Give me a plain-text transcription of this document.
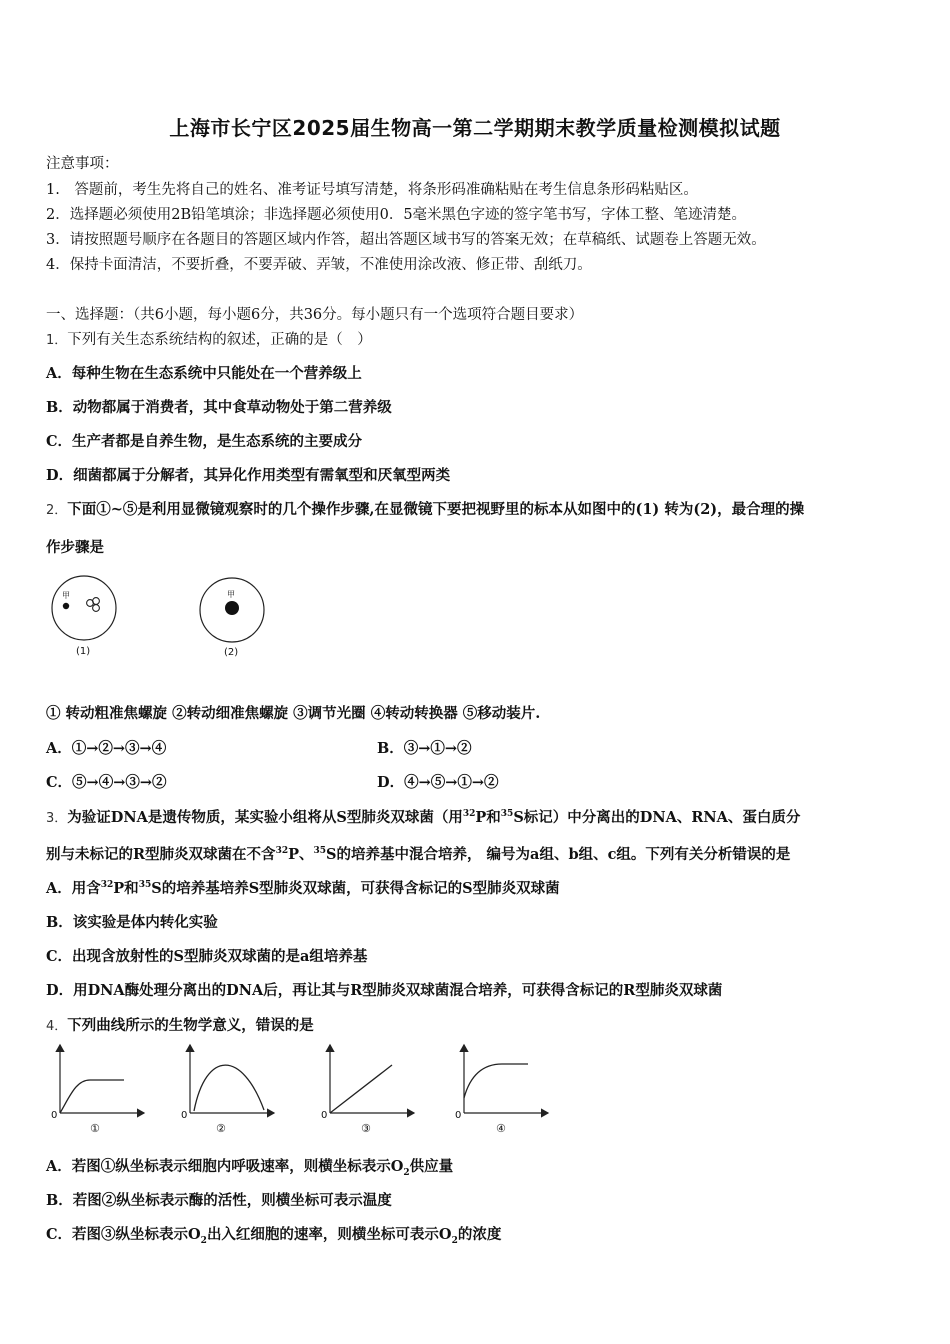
上海市长宁区2025届生物高一第二学期期末教学质量检测模拟试题
注意事项：
1.　答题前，考生先将自己的姓名、准考证号填写清楚，将条形码准确粘贴在考生信息条形码粘贴区。
2．选择题必须使用2B铅笔填涂；非选择题必须使用0．5毫米黑色字迹的签字笔书写，字体工整、笔迹清楚。
3．请按照题号顺序在各题目的答题区域内作答，超出答题区域书写的答案无效；在草稿纸、试题卷上答题无效。
4．保持卡面清洁，不要折叠，不要弄破、弄皱，不准使用涂改液、修正带、刮纸刀。
一、选择题：（共6小题，每小题6分，共36分。每小题只有一个选项符合题目要求）
1．下列有关生态系统结构的叙述，正确的是（　）
A．每种生物在生态系统中只能处在一个营养级上
B．动物都属于消费者，其中食草动物处于第二营养级
C．生产者都是自养生物，是生态系统的主要成分
D．细菌都属于分解者，其异化作用类型有需氧型和厌氧型两类
2．下面①~⑤是利用显微镜观察时的几个操作步骤,在显微镜下要把视野里的标本从如图中的(1) 转为(2)，最合理的操
作步骤是
甲
(1)
甲
(2)
① 转动粗准焦螺旋 ②转动细准焦螺旋 ③调节光圈 ④转动转换器 ⑤移动装片.
A．①→②→③→④	B．③→①→②
C．⑤→④→③→②	D．④→⑤→①→②
3．为验证DNA是遗传物质，某实验小组将从S型肺炎双球菌（用$^{32}$P和$^{35}$S标记）中分离出的DNA、RNA、蛋白质分
别与未标记的R型肺炎双球菌在不含$^{32}$P、$^{35}$S的培养基中混合培养， 编号为a组、b组、c组。下列有关分析错误的是
A．用含$^{32}$P和$^{35}$S的培养基培养S型肺炎双球菌，可获得含标记的S型肺炎双球菌
B．该实验是体内转化实验
C．出现含放射性的S型肺炎双球菌的是a组培养基
D．用DNA酶处理分离出的DNA后，再让其与R型肺炎双球菌混合培养，可获得含标记的R型肺炎双球菌
4．下列曲线所示的生物学意义，错误的是
0
①
0
②
0
③
0
④
A．若图①纵坐标表示细胞内呼吸速率，则横坐标表示$O_2$供应量
B．若图②纵坐标表示酶的活性，则横坐标可表示温度
C．若图③纵坐标表示$O_2$出入红细胞的速率，则横坐标可表示$O_2$的浓度
